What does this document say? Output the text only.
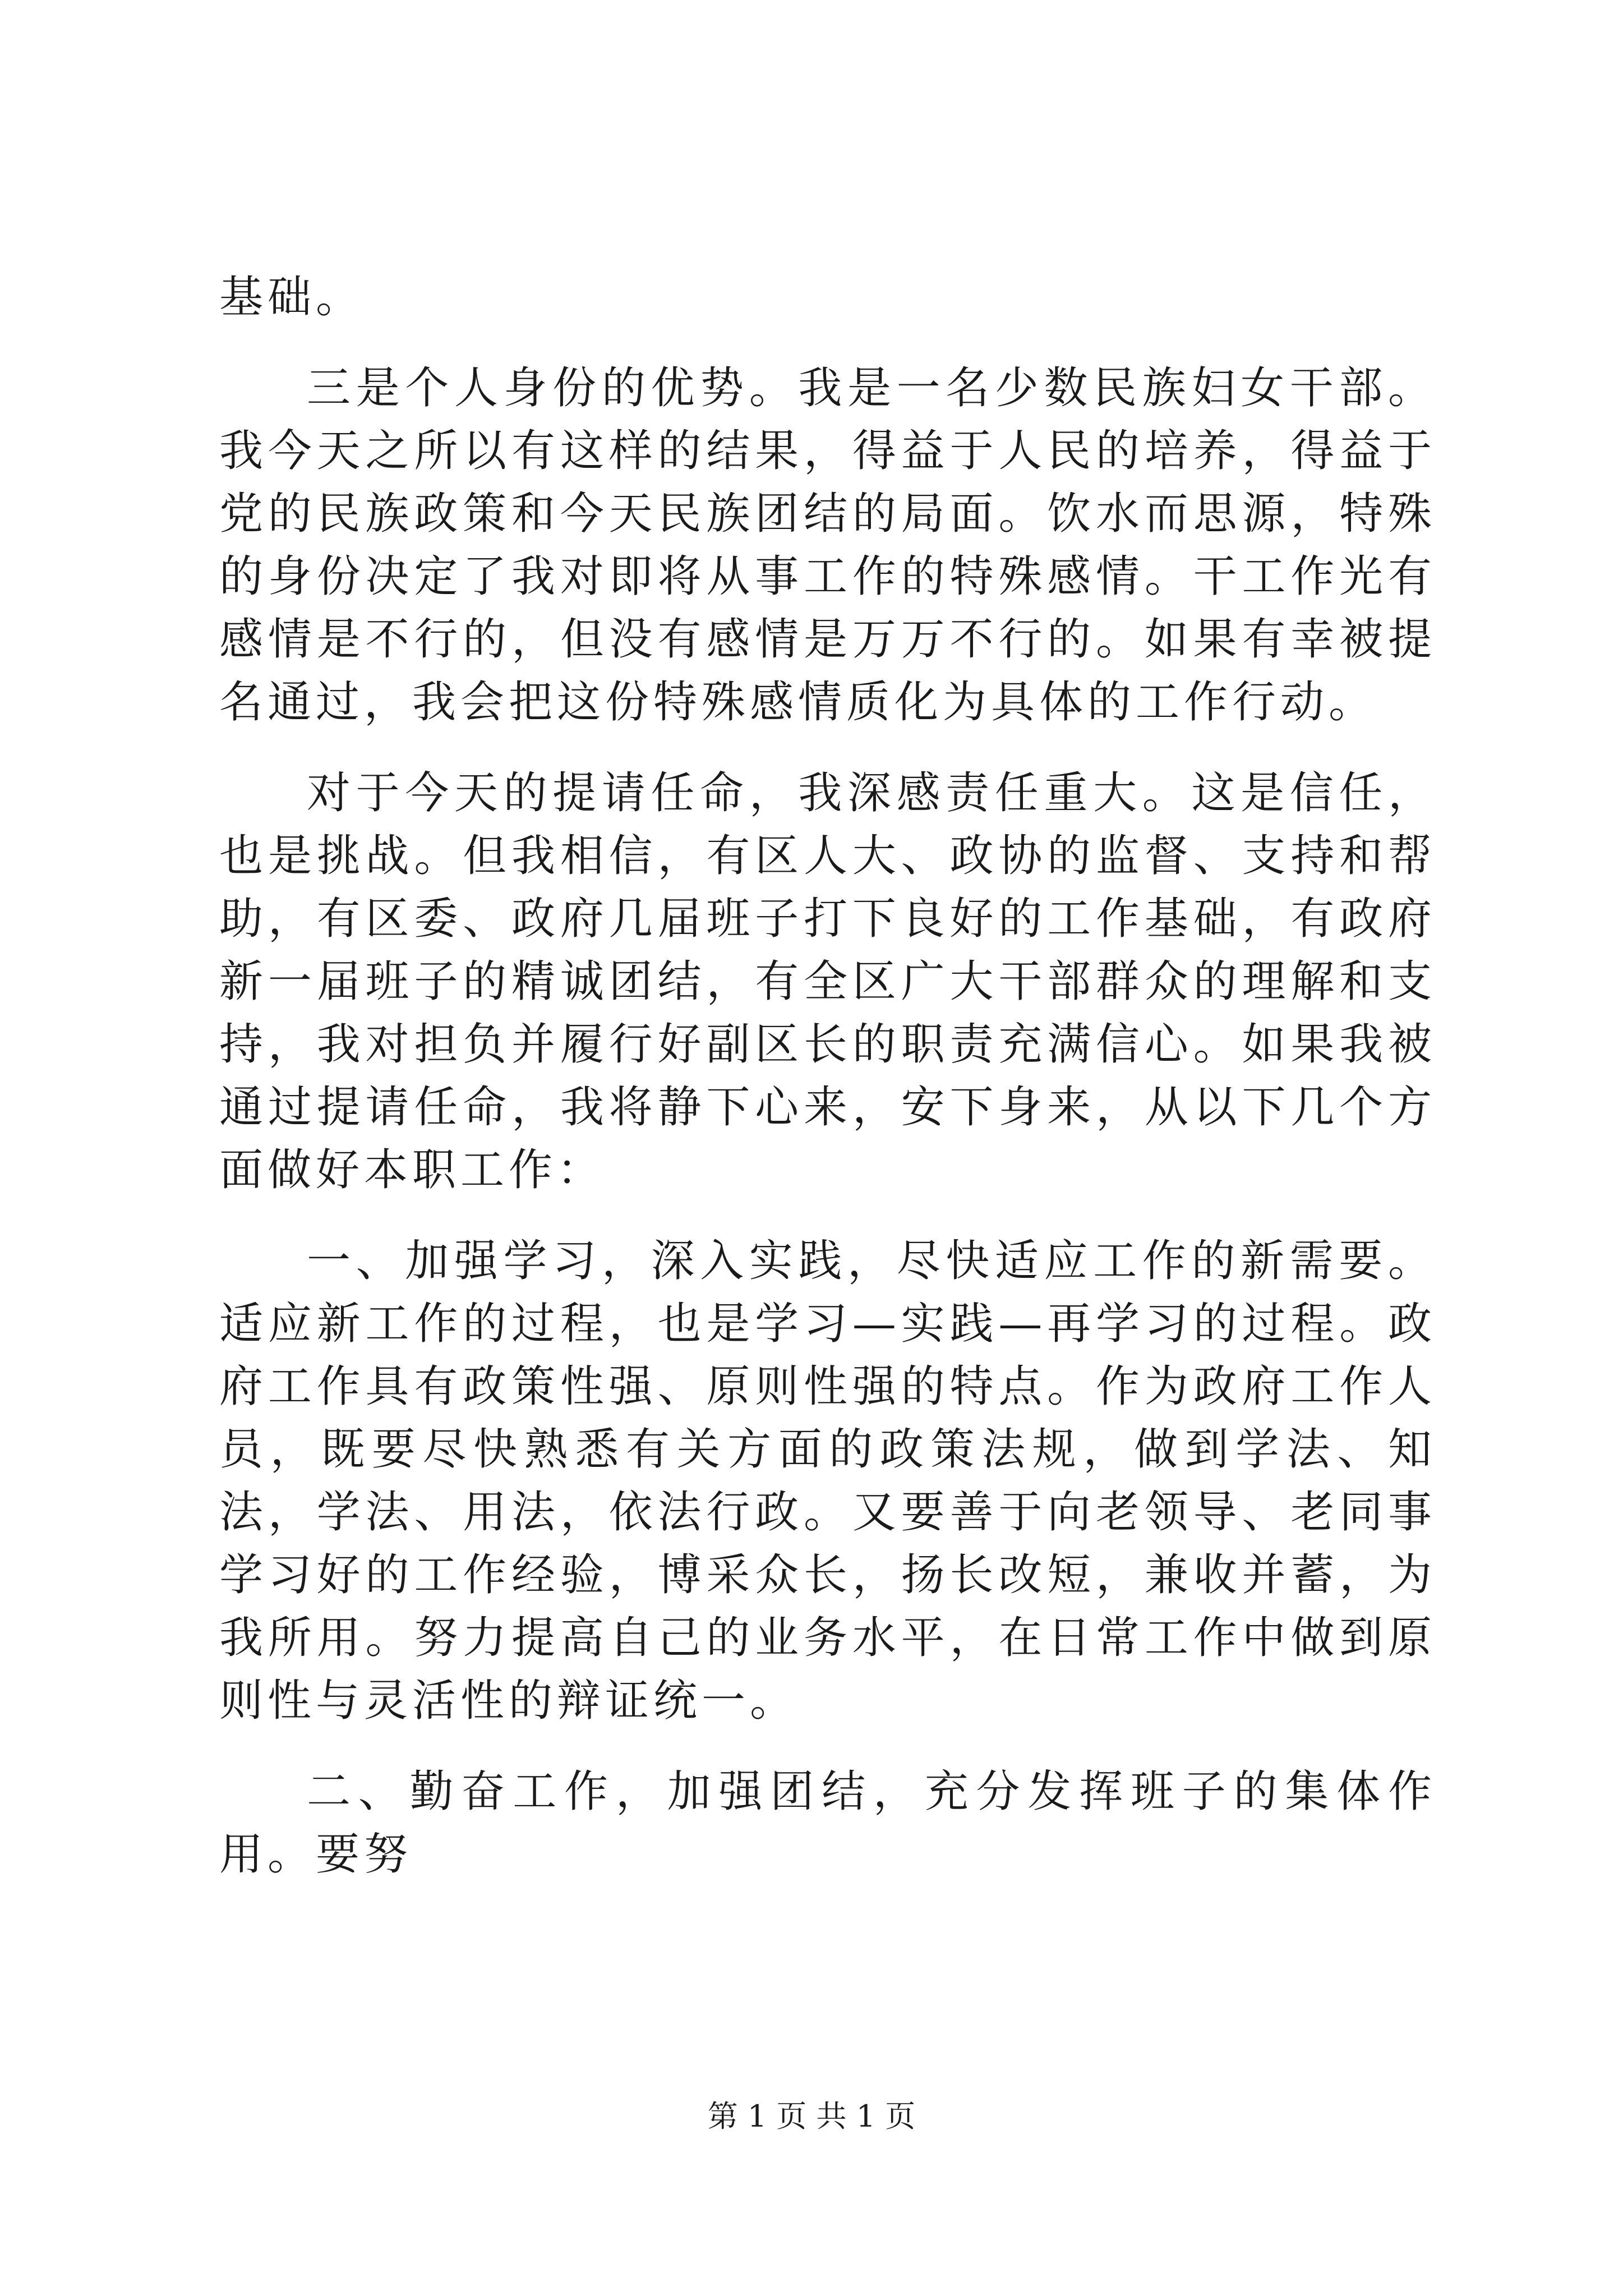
基础。

三是个人身份的优势。我是一名少数民族妇女干部。我今天之所以有这样的结果，得益于人民的培养，得益于党的民族政策和今天民族团结的局面。饮水而思源，特殊的身份决定了我对即将从事工作的特殊感情。干工作光有感情是不行的，但没有感情是万万不行的。如果有幸被提名通过，我会把这份特殊感情质化为具体的工作行动。

对于今天的提请任命，我深感责任重大。这是信任，也是挑战。但我相信，有区人大、政协的监督、支持和帮助，有区委、政府几届班子打下良好的工作基础，有政府新一届班子的精诚团结，有全区广大干部群众的理解和支持，我对担负并履行好副区长的职责充满信心。如果我被通过提请任命，我将静下心来，安下身来，从以下几个方面做好本职工作：

一、加强学习，深入实践，尽快适应工作的新需要。适应新工作的过程，也是学习—实践—再学习的过程。政府工作具有政策性强、原则性强的特点。作为政府工作人员，既要尽快熟悉有关方面的政策法规，做到学法、知法，学法、用法，依法行政。又要善于向老领导、老同事学习好的工作经验，博采众长，扬长改短，兼收并蓄，为我所用。努力提高自己的业务水平，在日常工作中做到原则性与灵活性的辩证统一。

二、勤奋工作，加强团结，充分发挥班子的集体作用。要努

第 1 页 共 1 页
